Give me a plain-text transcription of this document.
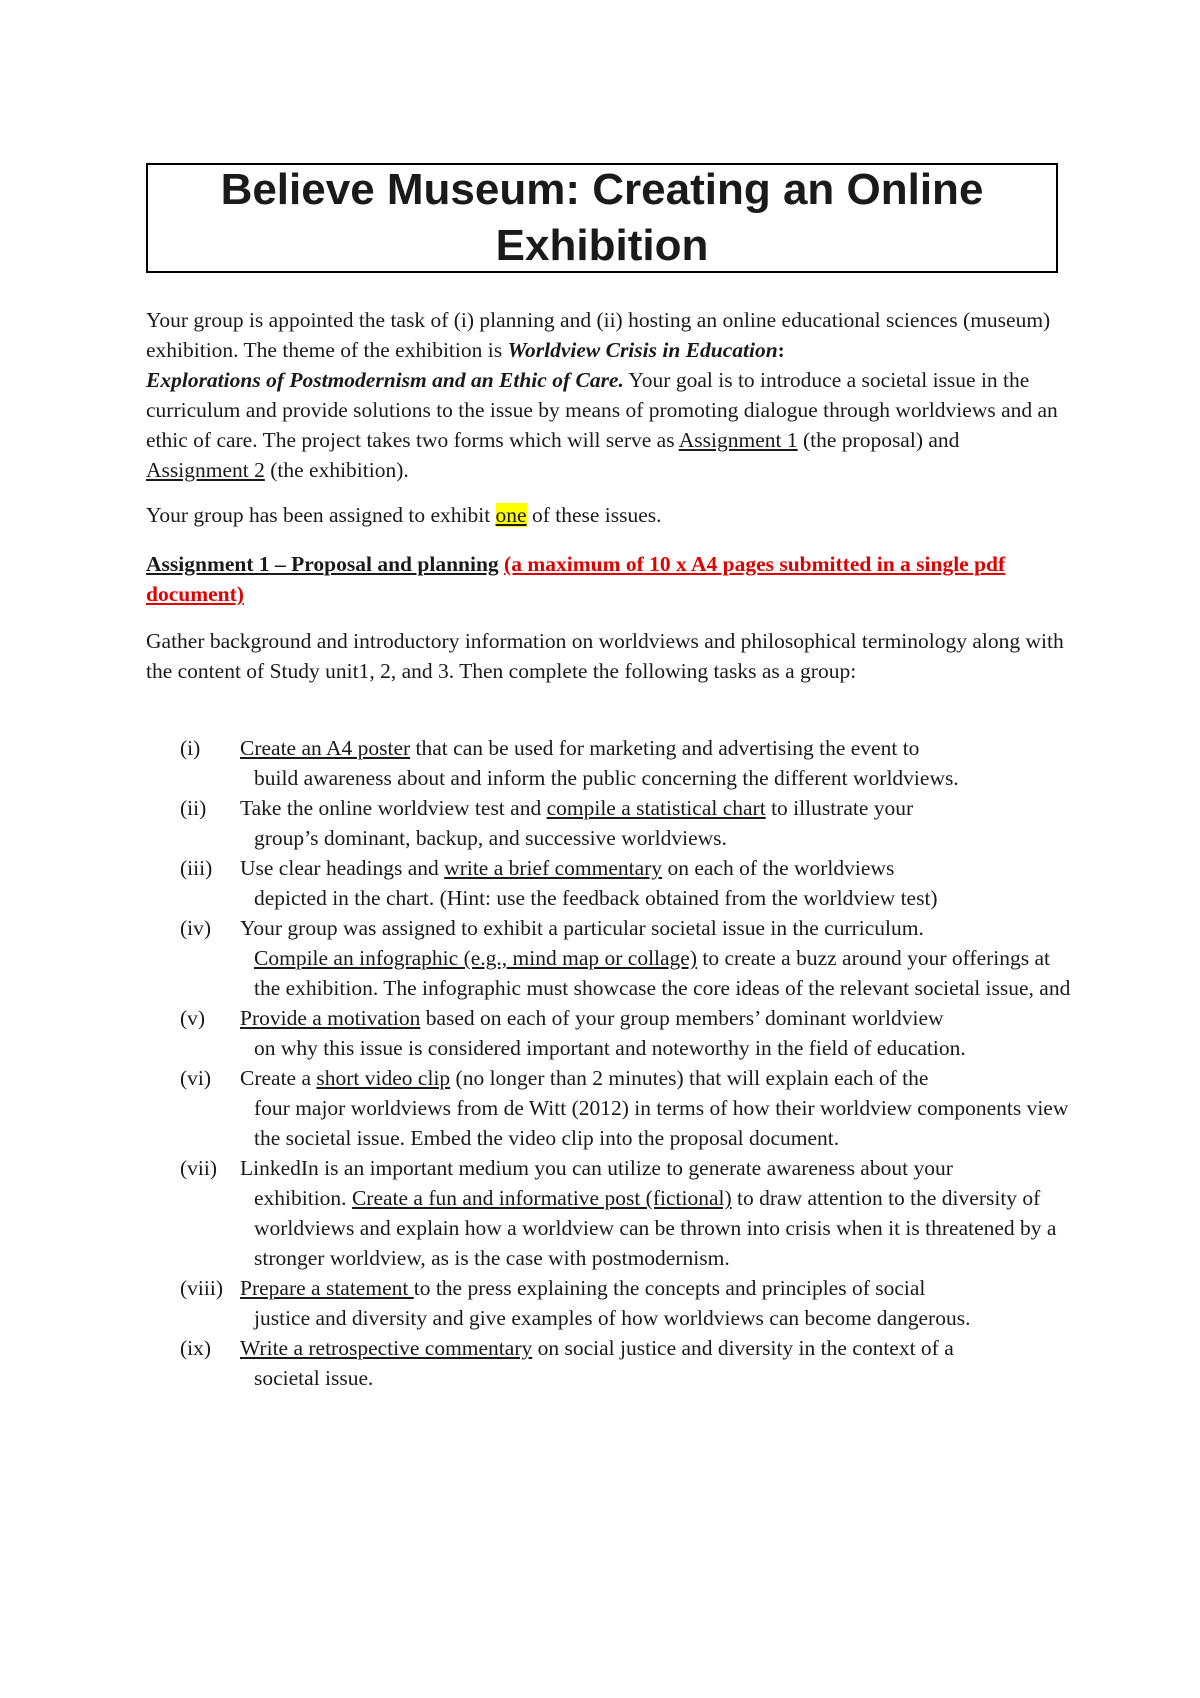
Believe Museum: Creating an Online Exhibition

Your group is appointed the task of (i) planning and (ii) hosting an online educational sciences (museum) exhibition. The theme of the exhibition is Worldview Crisis in Education:
Explorations of Postmodernism and an Ethic of Care. Your goal is to introduce a societal issue in the curriculum and provide solutions to the issue by means of promoting dialogue through worldviews and an ethic of care. The project takes two forms which will serve as Assignment 1 (the proposal) and Assignment 2 (the exhibition).

Your group has been assigned to exhibit one of these issues.

Assignment 1 – Proposal and planning (a maximum of 10 x A4 pages submitted in a single pdf document)

Gather background and introductory information on worldviews and philosophical terminology along with the content of Study unit1, 2, and 3. Then complete the following tasks as a group:

(i) Create an A4 poster that can be used for marketing and advertising the event to
build awareness about and inform the public concerning the different worldviews.
(ii) Take the online worldview test and compile a statistical chart to illustrate your
group’s dominant, backup, and successive worldviews.
(iii) Use clear headings and write a brief commentary on each of the worldviews
depicted in the chart. (Hint: use the feedback obtained from the worldview test)
(iv) Your group was assigned to exhibit a particular societal issue in the curriculum.
Compile an infographic (e.g., mind map or collage) to create a buzz around your offerings at the exhibition. The infographic must showcase the core ideas of the relevant societal issue, and
(v) Provide a motivation based on each of your group members’ dominant worldview
on why this issue is considered important and noteworthy in the field of education.
(vi) Create a short video clip (no longer than 2 minutes) that will explain each of the
four major worldviews from de Witt (2012) in terms of how their worldview components view the societal issue. Embed the video clip into the proposal document.
(vii) LinkedIn is an important medium you can utilize to generate awareness about your
exhibition. Create a fun and informative post (fictional) to draw attention to the diversity of worldviews and explain how a worldview can be thrown into crisis when it is threatened by a stronger worldview, as is the case with postmodernism.
(viii) Prepare a statement to the press explaining the concepts and principles of social
justice and diversity and give examples of how worldviews can become dangerous.
(ix) Write a retrospective commentary on social justice and diversity in the context of a
societal issue.
